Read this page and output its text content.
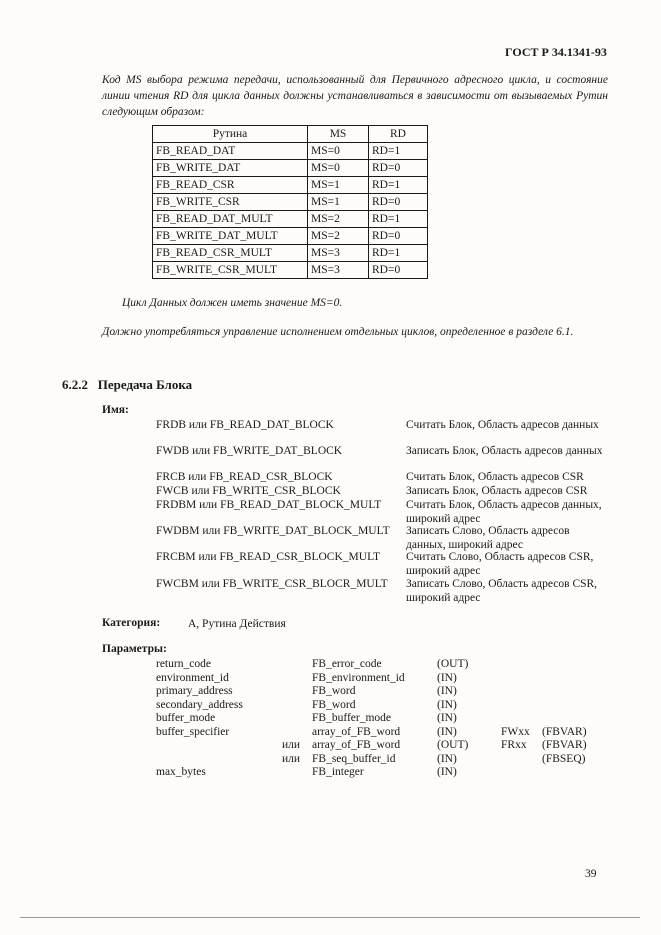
ГОСТ Р 34.1341-93
Код MS выбора режима передачи, использованный для Первичного адресного цикла, и состояние линии чтения RD для цикла данных должны устанавливаться в зависимости от вызываемых Рутин следующим образом:
Рутина	MS	RD
FB_READ_DAT	MS=0	RD=1
FB_WRITE_DAT	MS=0	RD=0
FB_READ_CSR	MS=1	RD=1
FB_WRITE_CSR	MS=1	RD=0
FB_READ_DAT_MULT	MS=2	RD=1
FB_WRITE_DAT_MULT	MS=2	RD=0
FB_READ_CSR_MULT	MS=3	RD=1
FB_WRITE_CSR_MULT	MS=3	RD=0
Цикл Данных должен иметь значение MS=0.
Должно употребляться управление исполнением отдельных циклов, определенное в разделе 6.1.
6.2.2 Передача Блока
Имя:
FRDB или FB_READ_DAT_BLOCK	Считать Блок, Область адресов данных
FWDB или FB_WRITE_DAT_BLOCK	Записать Блок, Область адресов данных
FRCB или FB_READ_CSR_BLOCK	Считать Блок, Область адресов CSR
FWCB или FB_WRITE_CSR_BLOCK	Записать Блок, Область адресов CSR
FRDBM или FB_READ_DAT_BLOCK_MULT Считать Блок, Область адресов данных, широкий адрес
FWDBM или FB_WRITE_DAT_BLOCK_MULT Записать Слово, Область адресов данных, широкий адрес
FRCBM или FB_READ_CSR_BLOCK_MULT Считать Слово, Область адресов CSR, широкий адрес
FWCBM или FB_WRITE_CSR_BLOCR_MULT Записать Слово, Область адресов CSR, широкий адрес
Категория: А, Рутина Действия
Параметры:
return_code	FB_error_code	(OUT)
environment_id	FB_environment_id	(IN)
primary_address	FB_word	(IN)
secondary_address	FB_word	(IN)
buffer_mode	FB_buffer_mode	(IN)
buffer_specifier	array_of_FB_word	(IN)	FWxx (FBVAR)
или array_of_FB_word	(OUT)	FRxx (FBVAR)
или FB_seq_buffer_id	(IN)	(FBSEQ)
max_bytes	FB_integer	(IN)
39
